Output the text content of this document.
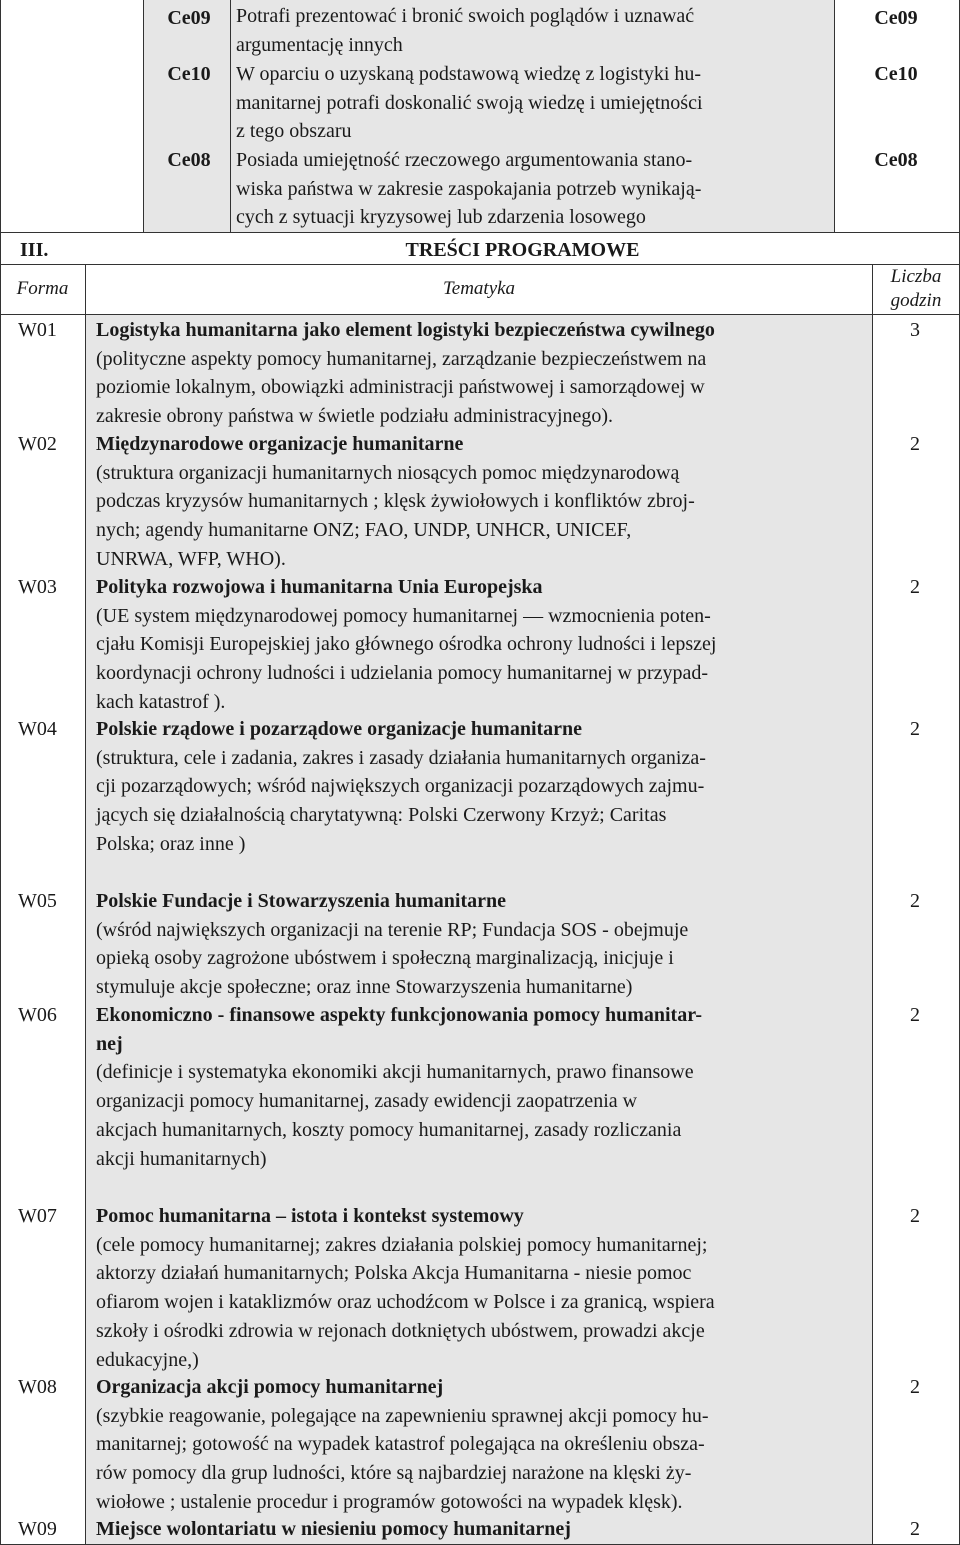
Ce09	Potrafi prezentować i bronić swoich poglądów i uznawać
argumentację innych
Ce09
Ce10	W oparciu o uzyskaną podstawową wiedzę z logistyki hu-
manitarnej potrafi doskonalić swoją wiedzę i umiejętności
z tego obszaru
Ce10
Ce08	Posiada umiejętność rzeczowego argumentowania stano-
wiska państwa w zakresie zaspokajania potrzeb wynikają-
cych z sytuacji kryzysowej lub zdarzenia losowego
Ce08
III.	TREŚCI PROGRAMOWE
Forma	Tematyka
Liczba
godzin
W01 Logistyka humanitarna jako element logistyki bezpieczeństwa cywilnego
(polityczne aspekty pomocy humanitarnej, zarządzanie bezpieczeństwem na
poziomie lokalnym, obowiązki administracji państwowej i samorządowej w
zakresie obrony państwa w świetle podziału administracyjnego).
3
W02 Międzynarodowe organizacje humanitarne
(struktura organizacji humanitarnych niosących pomoc międzynarodową
podczas kryzysów humanitarnych ; klęsk żywiołowych i konfliktów zbroj-
nych; agendy humanitarne ONZ; FAO, UNDP, UNHCR, UNICEF,
UNRWA, WFP, WHO).
2
W03 Polityka rozwojowa i humanitarna Unia Europejska
(UE system międzynarodowej pomocy humanitarnej — wzmocnienia poten-
cjału Komisji Europejskiej jako głównego ośrodka ochrony ludności i lepszej
koordynacji ochrony ludności i udzielania pomocy humanitarnej w przypad-
kach katastrof ).
2
W04 Polskie rządowe i pozarządowe organizacje humanitarne
(struktura, cele i zadania, zakres i zasady działania humanitarnych organiza-
cji pozarządowych; wśród największych organizacji pozarządowych zajmu-
jących się działalnością charytatywną: Polski Czerwony Krzyż; Caritas
Polska; oraz inne )
2
W05 Polskie Fundacje i Stowarzyszenia humanitarne
(wśród największych organizacji na terenie RP; Fundacja SOS - obejmuje
opieką osoby zagrożone ubóstwem i społeczną marginalizacją, inicjuje i
stymuluje akcje społeczne; oraz inne Stowarzyszenia humanitarne)
2
W06 Ekonomiczno - finansowe aspekty funkcjonowania pomocy humanitar-
nej
(definicje i systematyka ekonomiki akcji humanitarnych, prawo finansowe
organizacji pomocy humanitarnej, zasady ewidencji zaopatrzenia w
akcjach humanitarnych, koszty pomocy humanitarnej, zasady rozliczania
akcji humanitarnych)
2
W07 Pomoc humanitarna – istota i kontekst systemowy
(cele pomocy humanitarnej; zakres działania polskiej pomocy humanitarnej;
aktorzy działań humanitarnych; Polska Akcja Humanitarna - niesie pomoc
ofiarom wojen i kataklizmów oraz uchodźcom w Polsce i za granicą, wspiera
szkoły i ośrodki zdrowia w rejonach dotkniętych ubóstwem, prowadzi akcje
edukacyjne,)
2
W08 Organizacja akcji pomocy humanitarnej
(szybkie reagowanie, polegające na zapewnieniu sprawnej akcji pomocy hu-
manitarnej; gotowość na wypadek katastrof polegająca na określeniu obsza-
rów pomocy dla grup ludności, które są najbardziej narażone na klęski ży-
wiołowe ; ustalenie procedur i programów gotowości na wypadek klęsk).
2
W09 Miejsce wolontariatu w niesieniu pomocy humanitarnej	2
